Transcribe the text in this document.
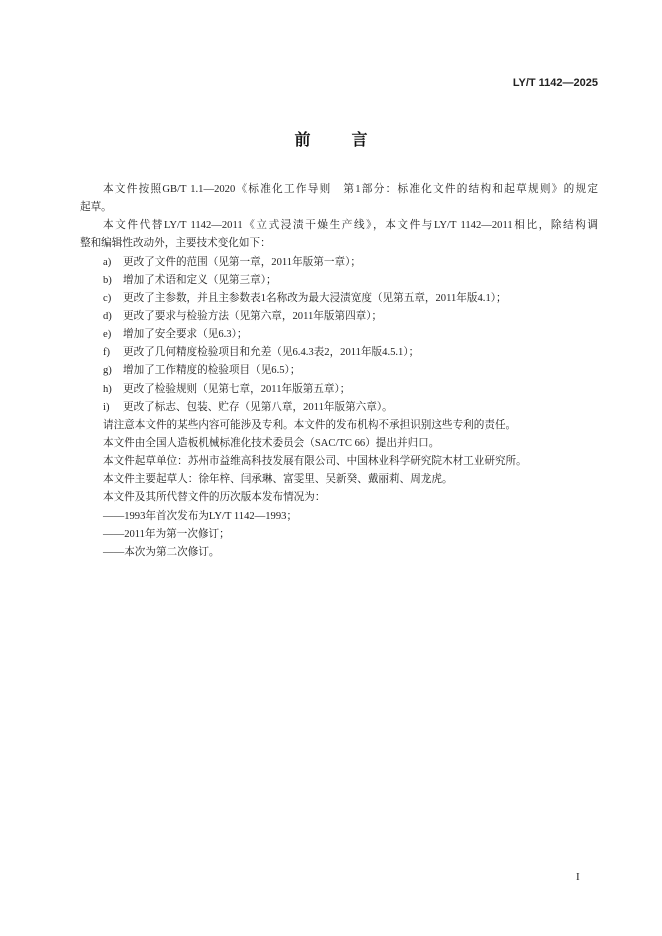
LY/T 1142—2025
前　　言
本文件按照GB/T 1.1—2020《标准化工作导则　第1部分：标准化文件的结构和起草规则》的规定
起草。
本文件代替LY/T 1142—2011《立式浸渍干燥生产线》，本文件与LY/T 1142—2011相比，除结构调
整和编辑性改动外，主要技术变化如下：
a)	更改了文件的范围（见第一章，2011年版第一章）；
b)	增加了术语和定义（见第三章）；
c)	更改了主参数，并且主参数表1名称改为最大浸渍宽度（见第五章，2011年版4.1）；
d)	更改了要求与检验方法（见第六章，2011年版第四章）；
e)	增加了安全要求（见6.3）；
f)	更改了几何精度检验项目和允差（见6.4.3表2，2011年版4.5.1）；
g)	增加了工作精度的检验项目（见6.5）；
h)	更改了检验规则（见第七章，2011年版第五章）；
i)	更改了标志、包装、贮存（见第八章，2011年版第六章）。
请注意本文件的某些内容可能涉及专利。本文件的发布机构不承担识别这些专利的责任。
本文件由全国人造板机械标准化技术委员会（SAC/TC 66）提出并归口。
本文件起草单位：苏州市益维高科技发展有限公司、中国林业科学研究院木材工业研究所。
本文件主要起草人：徐年梓、闫承琳、富雯里、吴新癸、戴丽莉、周龙虎。
本文件及其所代替文件的历次版本发布情况为：
——1993年首次发布为LY/T 1142—1993；
——2011年为第一次修订；
——本次为第二次修订。
I
